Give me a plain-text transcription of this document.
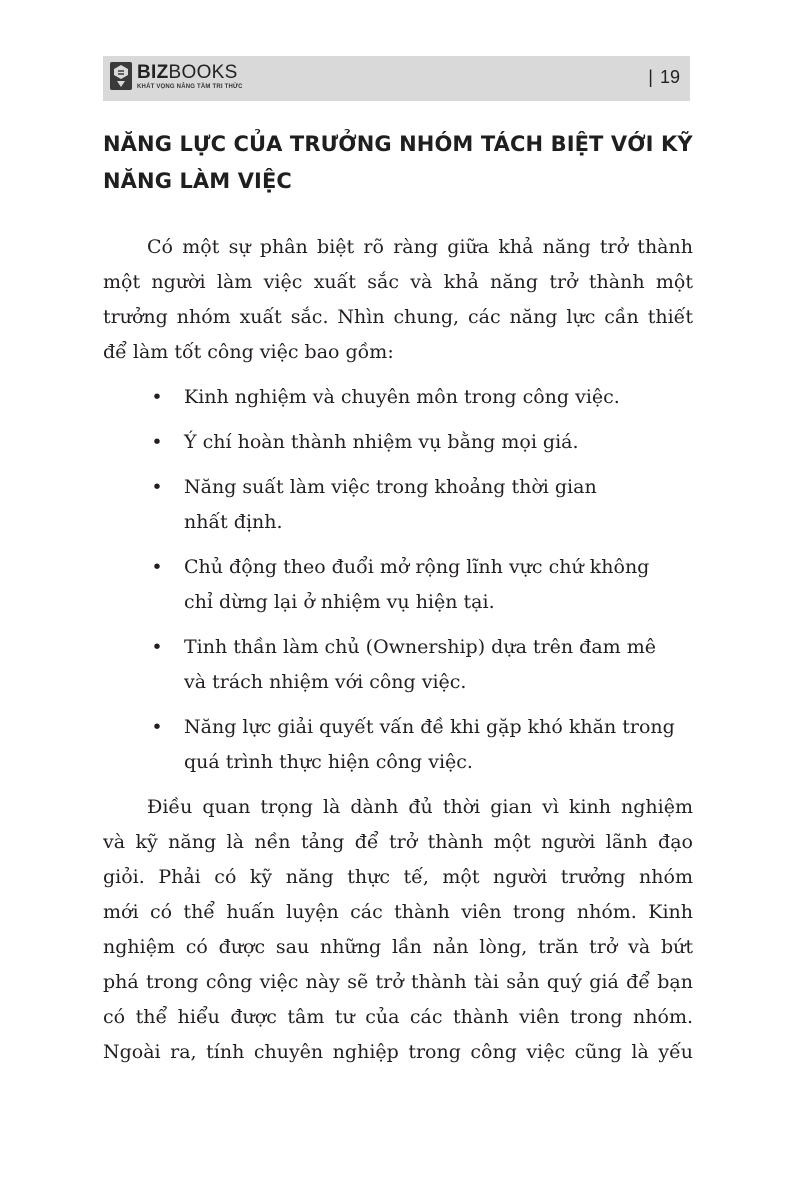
BIZBOOKS
KHÁT VỌNG NÂNG TẦM TRI THỨC	| 19
NĂNG LỰC CỦA TRƯỞNG NHÓM TÁCH BIỆT VỚI KỸ
NĂNG LÀM VIỆC

Có một sự phân biệt rõ ràng giữa khả năng trở thành
một người làm việc xuất sắc và khả năng trở thành một
trưởng nhóm xuất sắc. Nhìn chung, các năng lực cần thiết
để làm tốt công việc bao gồm:

• Kinh nghiệm và chuyên môn trong công việc.
• Ý chí hoàn thành nhiệm vụ bằng mọi giá.
• Năng suất làm việc trong khoảng thời gian
nhất định.
• Chủ động theo đuổi mở rộng lĩnh vực chứ không
chỉ dừng lại ở nhiệm vụ hiện tại.
• Tinh thần làm chủ (Ownership) dựa trên đam mê
và trách nhiệm với công việc.
• Năng lực giải quyết vấn đề khi gặp khó khăn trong
quá trình thực hiện công việc.

Điều quan trọng là dành đủ thời gian vì kinh nghiệm
và kỹ năng là nền tảng để trở thành một người lãnh đạo
giỏi. Phải có kỹ năng thực tế, một người trưởng nhóm
mới có thể huấn luyện các thành viên trong nhóm. Kinh
nghiệm có được sau những lần nản lòng, trăn trở và bứt
phá trong công việc này sẽ trở thành tài sản quý giá để bạn
có thể hiểu được tâm tư của các thành viên trong nhóm.
Ngoài ra, tính chuyên nghiệp trong công việc cũng là yếu
